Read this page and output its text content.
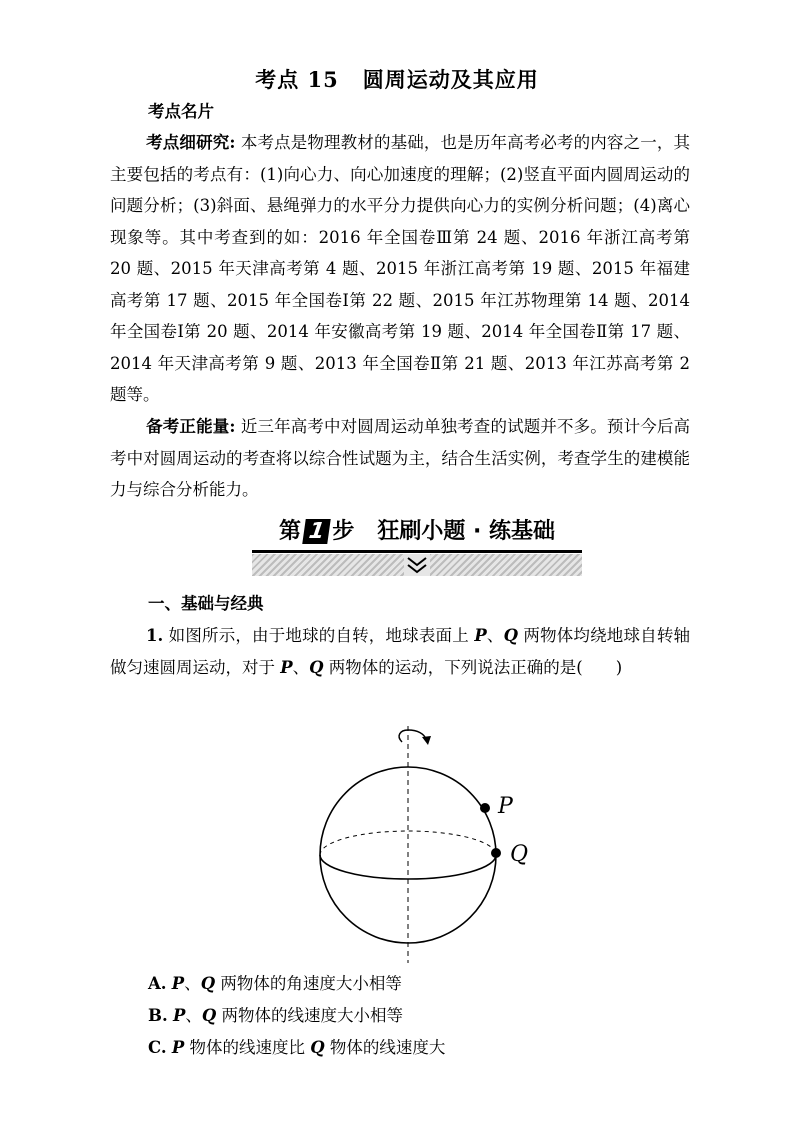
考点 15 圆周运动及其应用
考点名片
考点细研究: 本考点是物理教材的基础，也是历年高考必考的内容之一，其主要包括的考点有：(1)向心力、向心加速度的理解；(2)竖直平面内圆周运动的问题分析；(3)斜面、悬绳弹力的水平分力提供向心力的实例分析问题；(4)离心现象等。其中考查到的如：2016 年全国卷Ⅲ第 24 题、2016 年浙江高考第 20 题、2015 年天津高考第 4 题、2015 年浙江高考第 19 题、2015 年福建高考第 17 题、2015 年全国卷Ⅰ第 22 题、2015 年江苏物理第 14 题、2014 年全国卷Ⅰ第 20 题、2014 年安徽高考第 19 题、2014 年全国卷Ⅱ第 17 题、2014 年天津高考第 9 题、2013 年全国卷Ⅱ第 21 题、2013 年江苏高考第 2 题等。
备考正能量: 近三年高考中对圆周运动单独考查的试题并不多。预计今后高考中对圆周运动的考查将以综合性试题为主，结合生活实例，考查学生的建模能力与综合分析能力。
第 1 步 狂刷小题 · 练基础
一、基础与经典
1. 如图所示，由于地球的自转，地球表面上 P、Q 两物体均绕地球自转轴做匀速圆周运动，对于 P、Q 两物体的运动，下列说法正确的是(　　)
P
Q
A. P、Q 两物体的角速度大小相等
B. P、Q 两物体的线速度大小相等
C. P 物体的线速度比 Q 物体的线速度大
